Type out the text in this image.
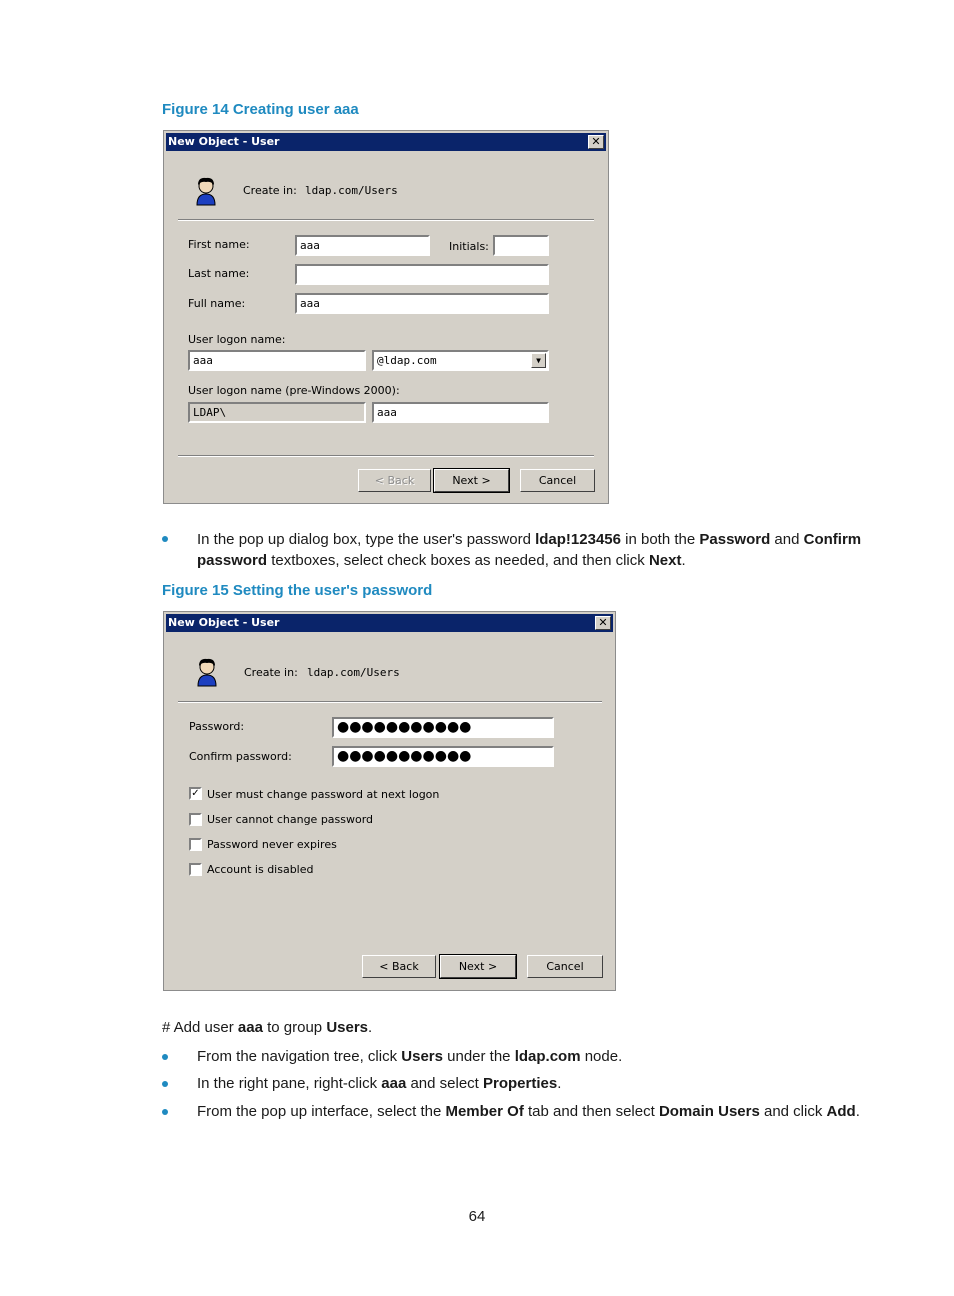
Figure 14 Creating user aaa
New Object - User	✕
Create in: ldap.com/Users
First name:	aaa	Initials:
Last name:
Full name:	aaa
User logon name:
aaa	@ldap.com	▼
User logon name (pre-Windows 2000):
LDAP\	aaa
< Back	Next >	Cancel
In the pop up dialog box, type the user's password ldap!123456 in both the Password and Confirm
password textboxes, select check boxes as needed, and then click Next.
Figure 15 Setting the user's password
New Object - User	✕
Create in: ldap.com/Users
Password:	●●●●●●●●●●●
Confirm password:	●●●●●●●●●●●
✓ User must change password at next logon
User cannot change password
Password never expires
Account is disabled
< Back	Next >	Cancel
# Add user aaa to group Users.
From the navigation tree, click Users under the ldap.com node.
In the right pane, right-click aaa and select Properties.
From the pop up interface, select the Member Of tab and then select Domain Users and click Add.
64
